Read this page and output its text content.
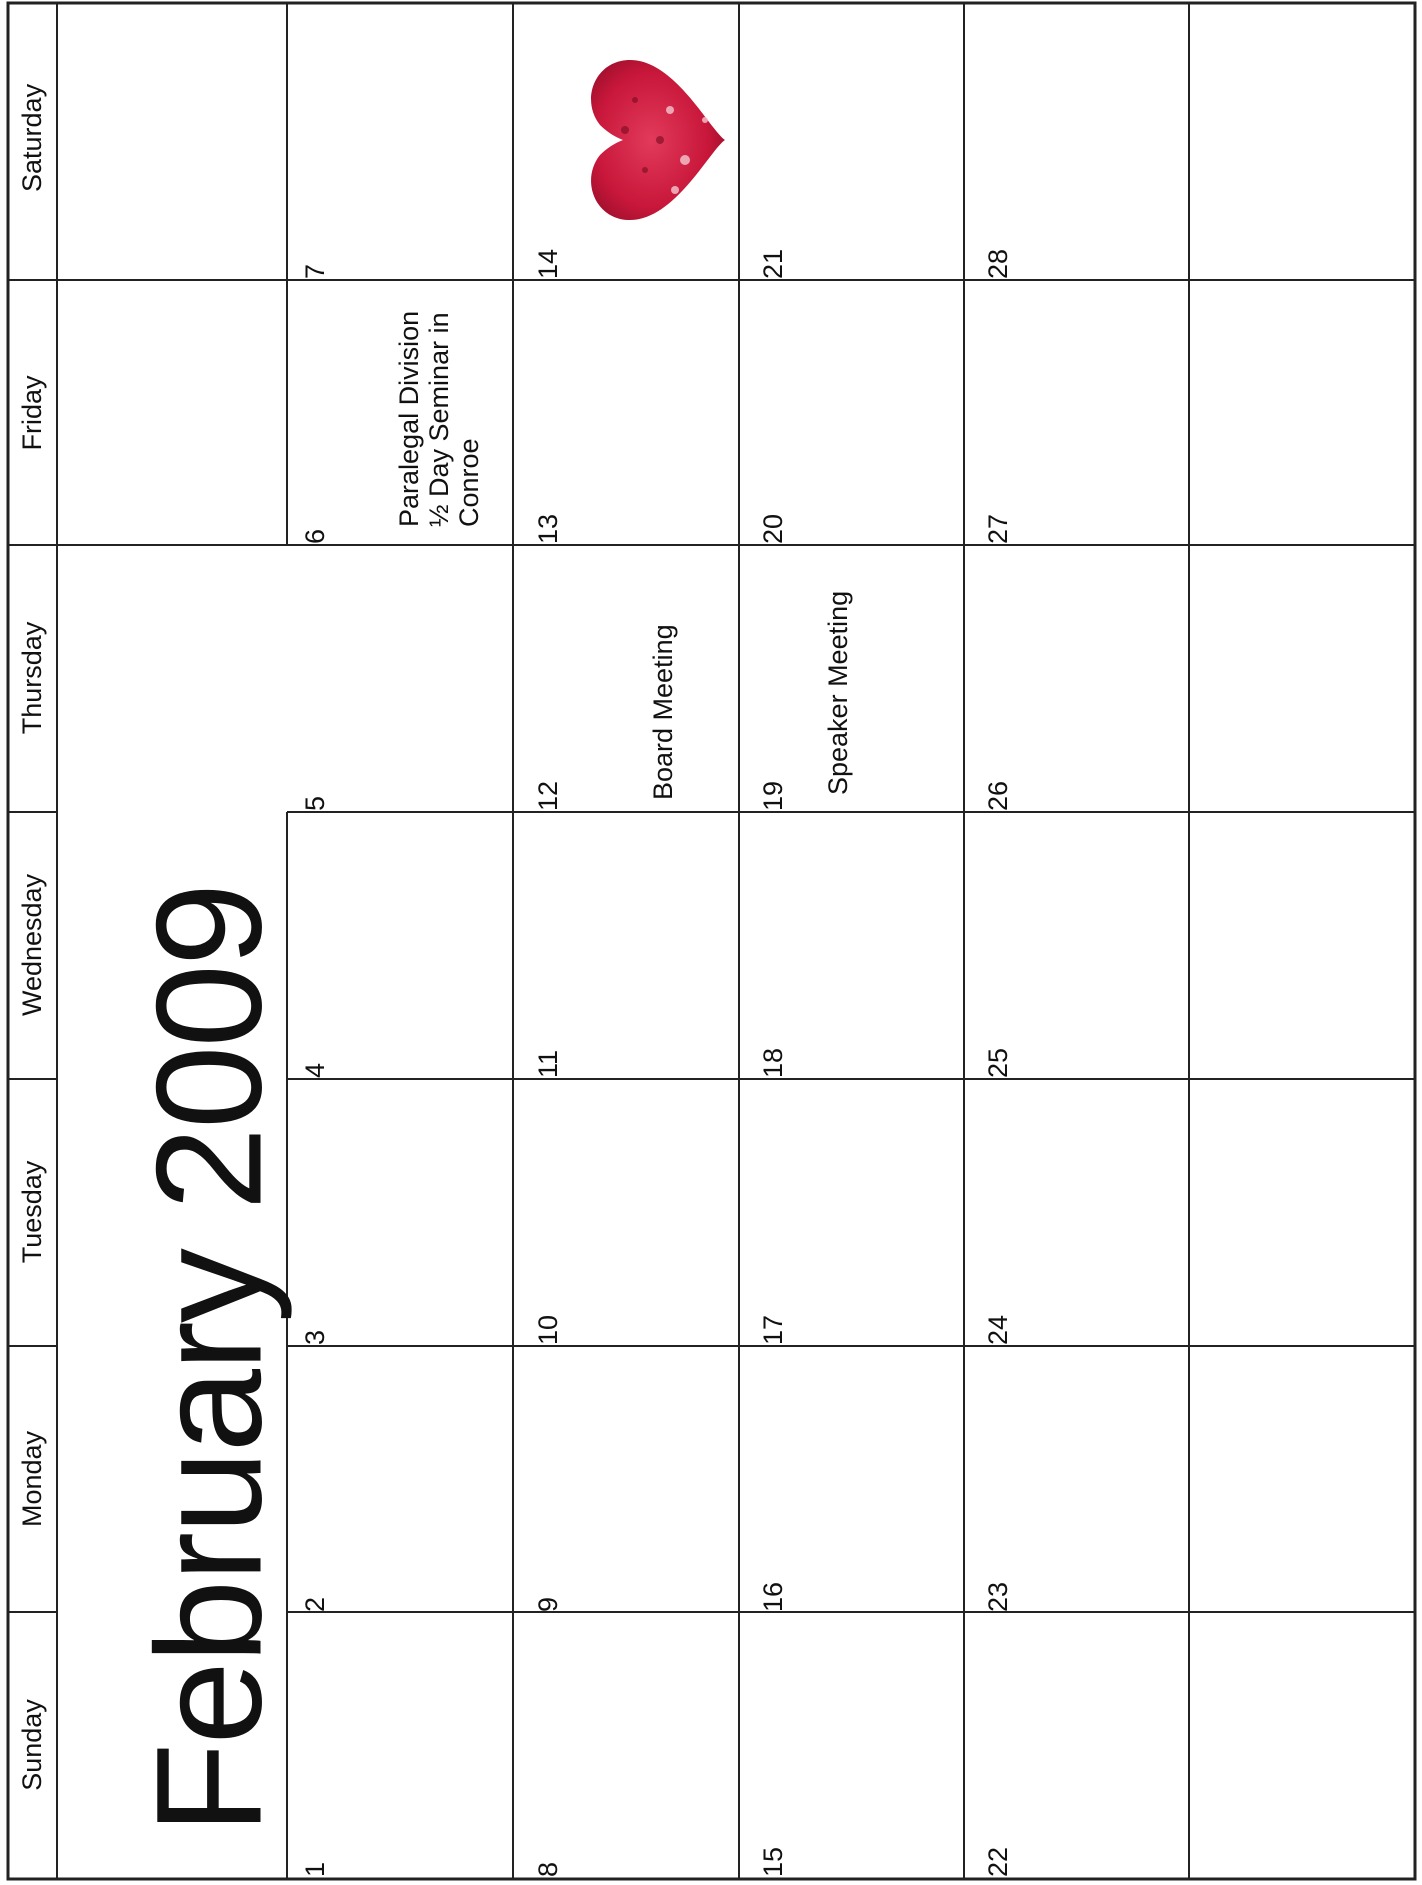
Saturday
Friday
Thursday
Wednesday
Tuesday
Monday
Sunday February 2009
1
2
3
4
5
6
7
Paralegal Division ½ Day Seminar in Conroe
8
9
10
11
12
13
14
Board Meeting
15
16
17
18
19
20
21
Speaker Meeting
22
23
24
25
26
27
28
